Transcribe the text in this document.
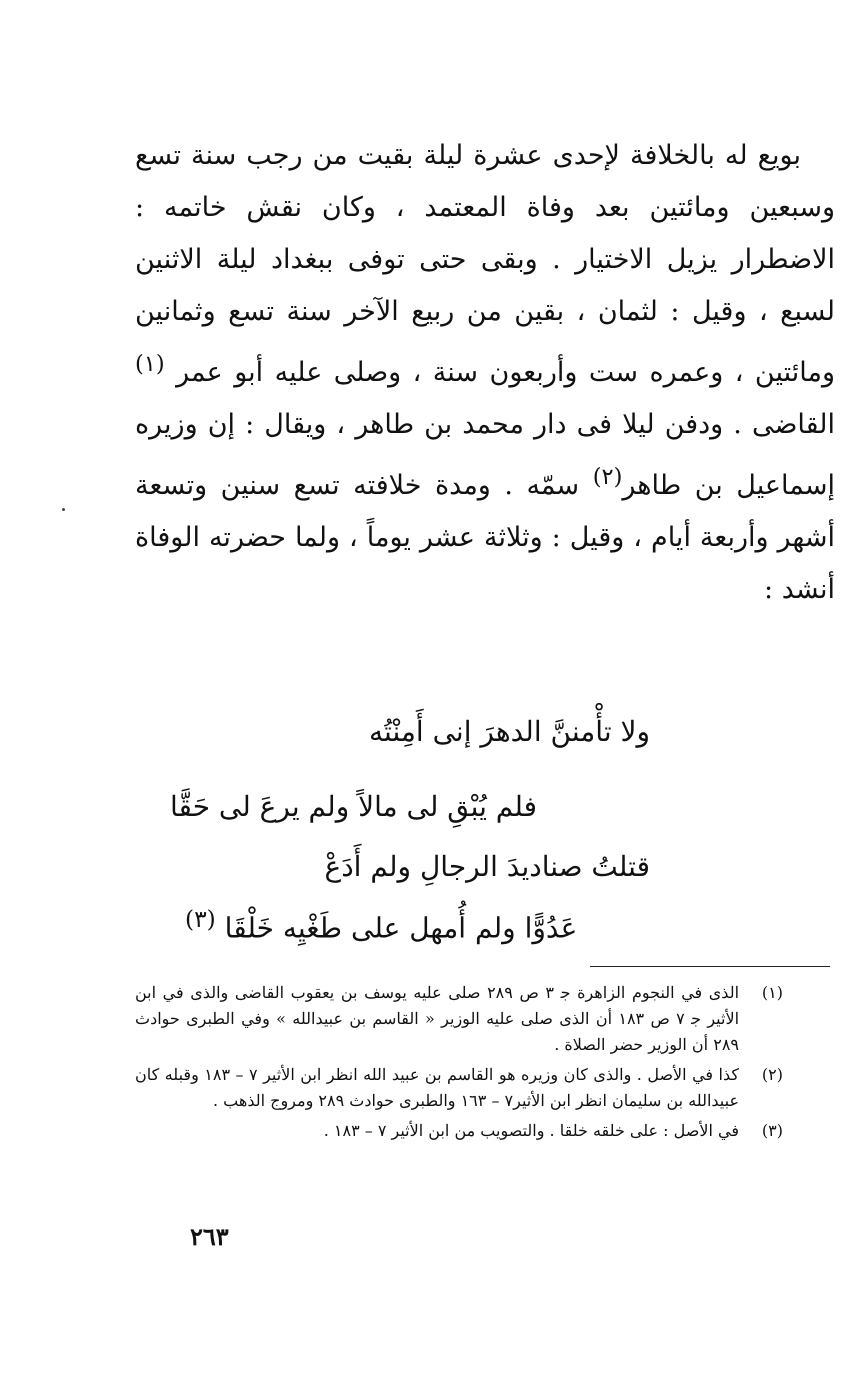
بويع له بالخلافة لإحدى عشرة ليلة بقيت من رجب سنة تسع وسبعين ومائتين بعد وفاة المعتمد ، وكان نقش خاتمه : الاضطرار يزيل الاختيار . وبقى حتى توفى ببغداد ليلة الاثنين لسبع ، وقيل : لثمان ، بقين من ربيع الآخر سنة تسع وثمانين ومائتين ، وعمره ست وأربعون سنة ، وصلى عليه أبو عمر $^{(١)}$ القاضى . ودفن ليلا فى دار محمد بن طاهر ، ويقال : إن وزيره إسماعيل بن طاهر$^{(٢)}$ سمّه . ومدة خلافته تسع سنين وتسعة أشهر وأربعة أيام ، وقيل : وثلاثة عشر يوماً ، ولما حضرته الوفاة أنشد :

ولا تأْمننَّ الدهرَ إنى أَمِنْتُه
فلم يُبْقِ لى مالاً ولم يرعَ لى حَقَّا
قتلتُ صناديدَ الرجالِ ولم أَدَعْ
عَدُوًّا ولم أُمهل على طَغْيِه خَلْقَا $^{(٣)}$
(١)
الذى في النجوم الزاهرة ﺟ ٣ ص ٢٨٩ صلى عليه يوسف بن يعقوب القاضى والذى في ابن الأثير ﺟ ٧ ص ١٨٣ أن الذى صلى عليه الوزير « القاسم بن عبيدالله » وفي الطبرى حوادث ٢٨٩ أن الوزير حضر الصلاة .
(٢)
كذا في الأصل . والذى كان وزيره هو القاسم بن عبيد الله انظر ابن الأثير ٧ – ١٨٣ وقبله كان عبيدالله بن سليمان انظر ابن الأثير٧ – ١٦٣ والطبرى حوادث ٢٨٩ ومروج الذهب .
(٣)
في الأصل : على خلقه خلقا . والتصويب من ابن الأثير ٧ – ١٨٣ .
٢٦٣
